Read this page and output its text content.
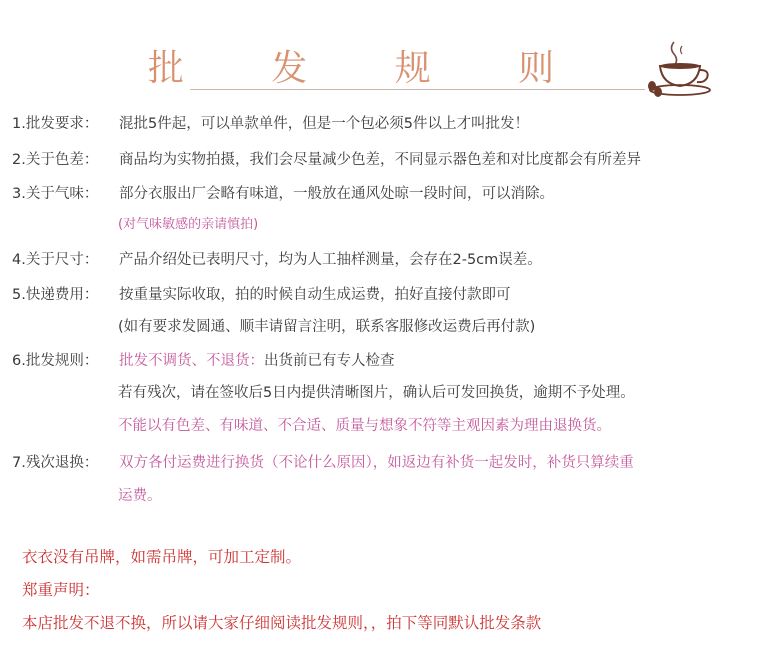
批 发 规 则
1.批发要求： 混批5件起，可以单款单件，但是一个包必须5件以上才叫批发！
2.关于色差： 商品均为实物拍摄，我们会尽量减少色差，不同显示器色差和对比度都会有所差异
3.关于气味： 部分衣服出厂会略有味道，一般放在通风处晾一段时间，可以消除。
(对气味敏感的亲请慎拍)
4.关于尺寸： 产品介绍处已表明尺寸，均为人工抽样测量，会存在2-5cm误差。
5.快递费用： 按重量实际收取，拍的时候自动生成运费，拍好直接付款即可
(如有要求发圆通、顺丰请留言注明，联系客服修改运费后再付款)
6.批发规则： 批发不调货、不退货：出货前已有专人检查
若有残次，请在签收后5日内提供清晰图片，确认后可发回换货，逾期不予处理。
不能以有色差、有味道、不合适、质量与想象不符等主观因素为理由退换货。
7.残次退换： 双方各付运费进行换货（不论什么原因），如返边有补货一起发时，补货只算续重
运费。
衣衣没有吊牌，如需吊牌，可加工定制。
郑重声明：
本店批发不退不换，所以请大家仔细阅读批发规则，，拍下等同默认批发条款
